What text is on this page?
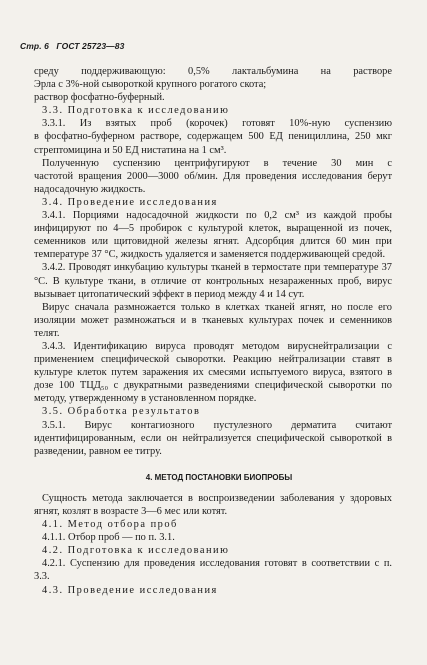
Стр. 6 ГОСТ 25723—83
среду поддерживающую: 0,5% лактальбумина на растворе
Эрла с 3%-ной сывороткой крупного рогатого скота;
раствор фосфатно-буферный.
3.3. Подготовка к исследованию
3.3.1. Из взятых проб (корочек) готовят 10%-ную суспензию
в фосфатно-буферном растворе, содержащем 500 ЕД пенициллина, 250 мкг стрептомицина и 50 ЕД нистатина на 1 см³.
Полученную суспензию центрифугируют в течение 30 мин с
частотой вращения 2000—3000 об/мин. Для проведения исследования берут надосадочную жидкость.
3.4. Проведение исследования
3.4.1. Порциями надосадочной жидкости по 0,2 см³ из каждой пробы инфицируют по 4—5 пробирок с культурой клеток, выращенной из почек, семенников или щитовидной железы ягнят. Адсорбция длится 60 мин при температуре 37 °С, жидкость удаляется и заменяется поддерживающей средой.
3.4.2. Проводят инкубацию культуры тканей в термостате при температуре 37 °С. В культуре ткани, в отличие от контрольных незараженных проб, вирус вызывает цитопатический эффект в период между 4 и 14 сут.
Вирус сначала размножается только в клетках тканей ягнят, но после его изоляции может размножаться и в тканевых культурах почек и семенников телят.
3.4.3. Идентификацию вируса проводят методом вируснейтрализации с применением специфической сыворотки. Реакцию нейтрализации ставят в культуре клеток путем заражения их смесями испытуемого вируса, взятого в дозе 100 ТЦД₅₀ с двукратными разведениями специфической сыворотки по методу, утвержденному в установленном порядке.
3.5. Обработка результатов
3.5.1. Вирус контагиозного пустулезного дерматита считают идентифицированным, если он нейтрализуется специфической сывороткой в разведении, равном ее титру.
4. МЕТОД ПОСТАНОВКИ БИОПРОБЫ
Сущность метода заключается в воспроизведении заболевания у здоровых ягнят, козлят в возрасте 3—6 мес или котят.
4.1. Метод отбора проб
4.1.1. Отбор проб — по п. 3.1.
4.2. Подготовка к исследованию
4.2.1. Суспензию для проведения исследования готовят в соответствии с п. 3.3.
4.3. Проведение исследования
